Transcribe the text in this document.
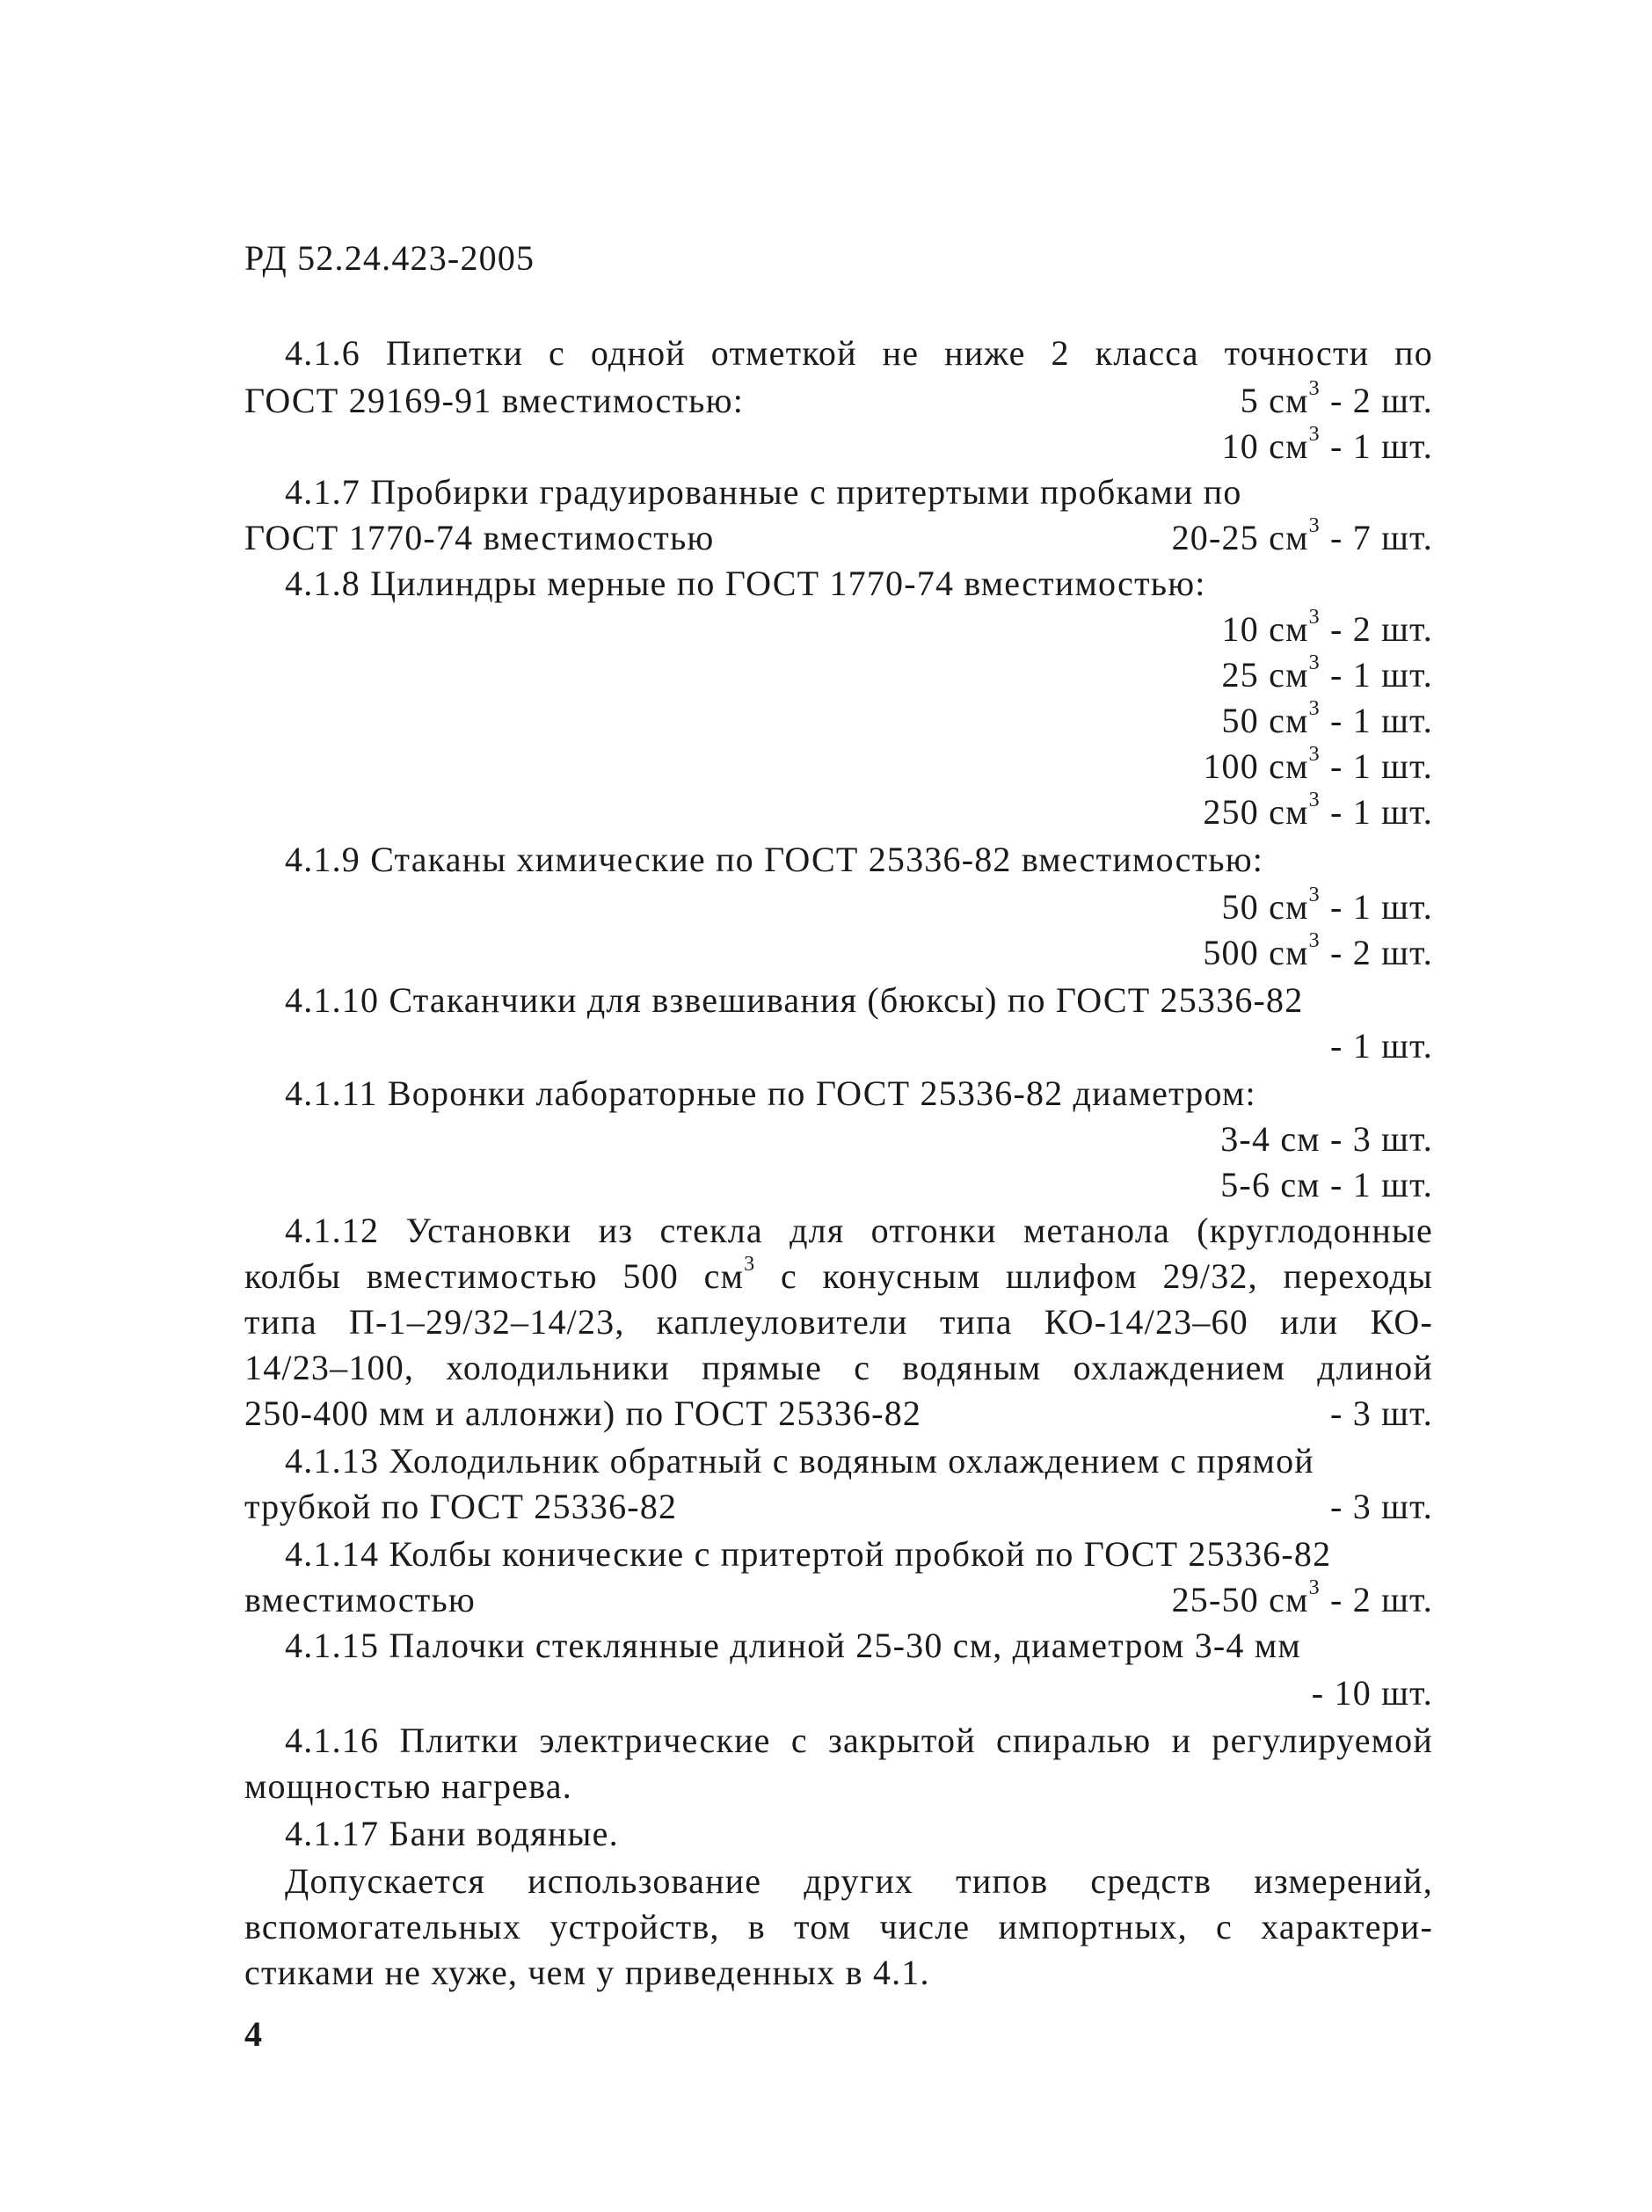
РД 52.24.423-2005
4.1.6 Пипетки с одной отметкой не ниже 2 класса точности по
ГОСТ 29169-91 вместимостью:	5 $см^3 - 2$ шт.
10 $см^3 - 1$ шт.
4.1.7 Пробирки градуированные с притертыми пробками по
ГОСТ 1770-74 вместимостью	20-25 $см^3 - 7$ шт.
4.1.8 Цилиндры мерные по ГОСТ 1770-74 вместимостью:
10 $см^3 - 2$ шт.
25 $см^3 - 1$ шт.
50 $см^3 - 1$ шт.
100 $см^3 - 1$ шт.
250 $см^3 - 1$ шт.
4.1.9 Стаканы химические по ГОСТ 25336-82 вместимостью:
50 $см^3 - 1$ шт.
500 $см^3 - 2$ шт.
4.1.10 Стаканчики для взвешивания (бюксы) по ГОСТ 25336-82
- 1 шт.
4.1.11 Воронки лабораторные по ГОСТ 25336-82 диаметром:
3-4 см - 3 шт.
5-6 см - 1 шт.
4.1.12 Установки из стекла для отгонки метанола (круглодонные
колбы вместимостью 500 $см^3$ с конусным шлифом 29/32, переходы
типа П-1–29/32–14/23, каплеуловители типа КО-14/23–60 или КО-
14/23–100, холодильники прямые с водяным охлаждением длиной
250-400 мм и аллонжи) по ГОСТ 25336-82	- 3 шт.
4.1.13 Холодильник обратный с водяным охлаждением с прямой
трубкой по ГОСТ 25336-82	- 3 шт.
4.1.14 Колбы конические с притертой пробкой по ГОСТ 25336-82
вместимостью	25-50 $см^3 - 2$ шт.
4.1.15 Палочки стеклянные длиной 25-30 см, диаметром 3-4 мм
- 10 шт.
4.1.16 Плитки электрические с закрытой спиралью и регулируемой
мощностью нагрева.
4.1.17 Бани водяные.
Допускается использование других типов средств измерений,
вспомогательных устройств, в том числе импортных, с характери-
стиками не хуже, чем у приведенных в 4.1.
4
